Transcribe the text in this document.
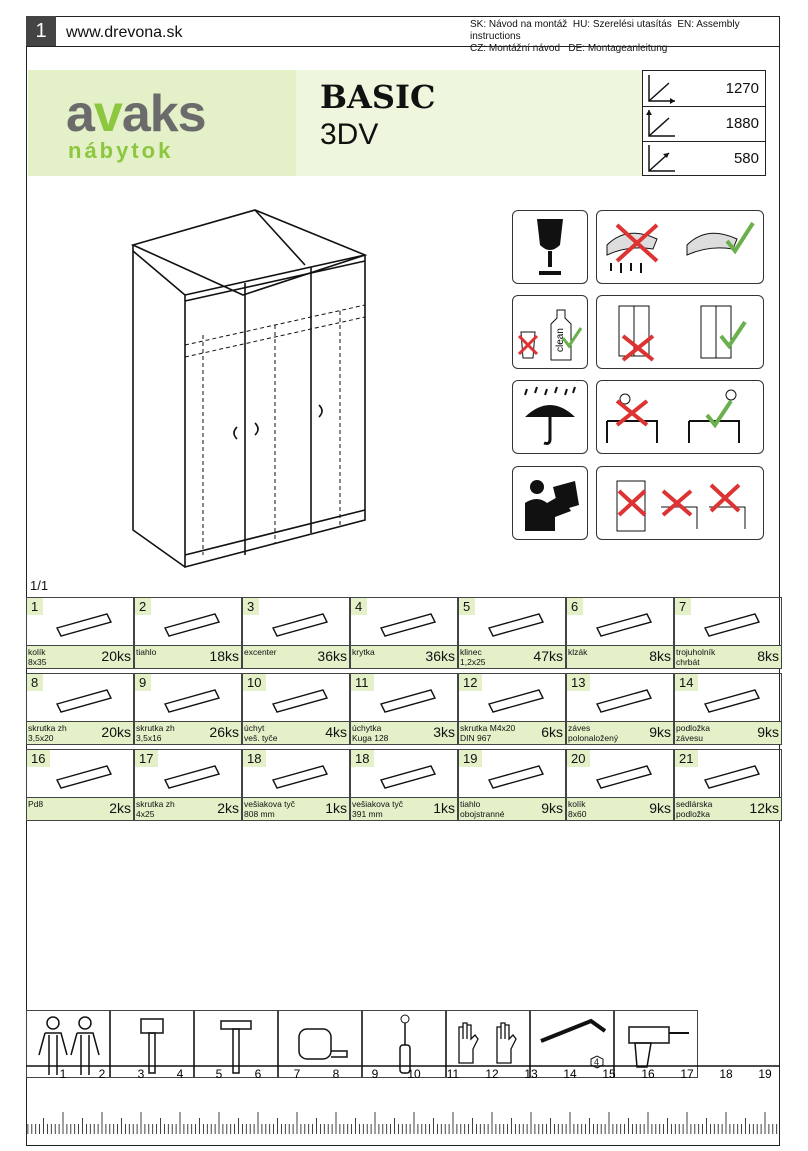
1	www.drevona.sk	SK: Návod na montáž HU: Szerelési utasítás EN: Assembly instructions
CZ: Montážní návod DE: Montageanleitung
avaks
nábytok
BASIC
3DV
1270
1880
580
clean
1/1
1
kolík
8x35	20ks
2
tiahlo	18ks
3
excenter	36ks
4
krytka	36ks
5
klinec
1,2x25	47ks
6
klzák	8ks
7
trojuholník
chrbát	8ks
8
skrutka zh
3,5x20	20ks
9
skrutka zh
3,5x16	26ks
10
úchyt
veš. tyče	4ks
11
úchytka
Kuga 128	3ks
12
skrutka M4x20
DIN 967	6ks
13
záves
polonaložený	9ks
14
podložka
závesu	9ks
16
Pd8	2ks
17
skrutka zh
4x25	2ks
18
vešiakova tyč
808 mm	1ks
18
vešiakova tyč
391 mm	1ks
19
tiahlo
obojstranné	9ks
20
kolík
8x60	9ks
21
sedlárska
podložka	12ks
4
1	2	3	4	5	6	7	8	9 10 11 12 13 14 15 16 17 18 19
